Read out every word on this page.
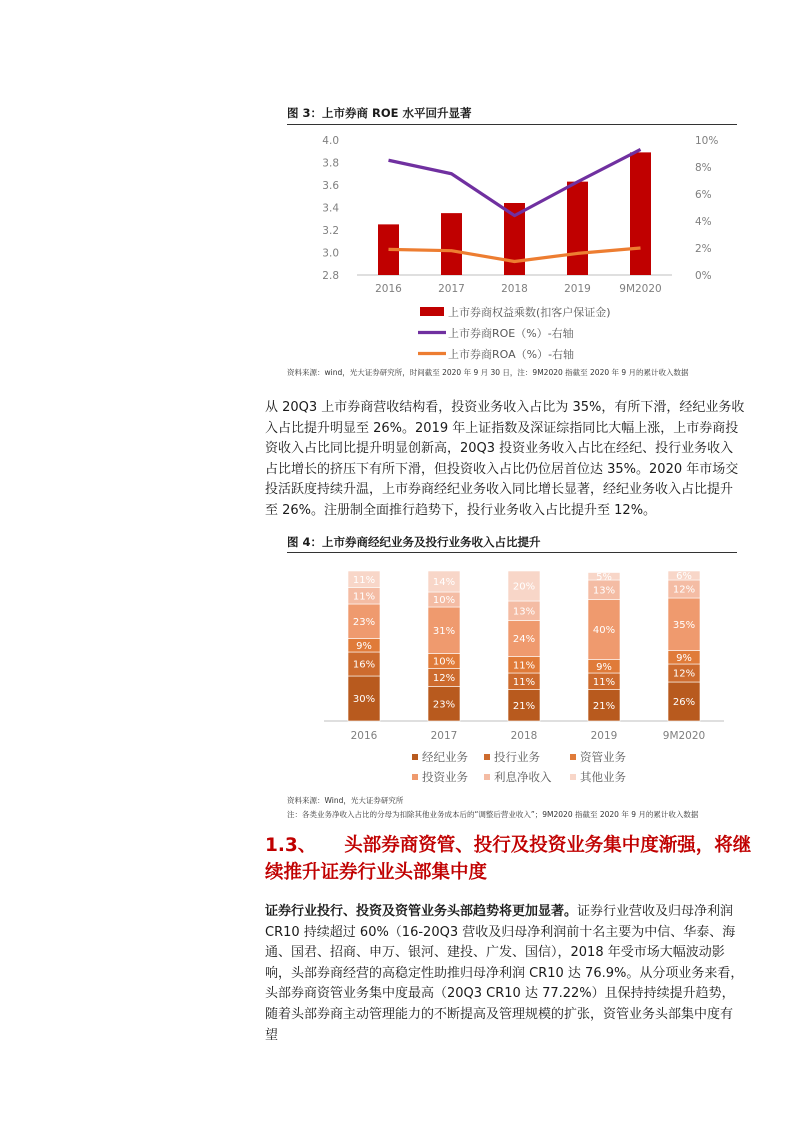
图 3：上市券商 ROE 水平回升显著
2.8
3.0
3.2
3.4
3.6
3.8
4.0
0%
2%
4%
6%
8%
10%
2016	2017	2018	2019	9M2020
上市券商权益乘数(扣客户保证金)
上市券商ROE（%）-右轴
上市券商ROA（%）-右轴
资料来源：wind，光大证券研究所，时间截至 2020 年 9 月 30 日，注：9M2020 指截至 2020 年 9 月的累计收入数据

从 20Q3 上市券商营收结构看，投资业务收入占比为 35%，有所下滑，经纪业务收入占比提升明显至 26%。2019 年上证指数及深证综指同比大幅上涨，上市券商投资收入占比同比提升明显创新高，20Q3 投资业务收入占比在经纪、投行业务收入占比增长的挤压下有所下滑，但投资收入占比仍位居首位达 35%。2020 年市场交投活跃度持续升温，上市券商经纪业务收入同比增长显著，经纪业务收入占比提升至 26%。注册制全面推行趋势下，投行业务收入占比提升至 12%。

图 4：上市券商经纪业务及投行业务收入占比提升
30%
16%
9%
23%
11%
11%
2016
23%
12%
10%
31%
10%
14%
2017
21%
11%
11%
24%
13%
20%
2018
21%
11%
9%
40%
13%
5%
2019
26%
12%
9%
35%
12%
6%
9M2020
经纪业务 投行业务	资管业务
投资业务 利息净收入 其他业务
资料来源：Wind，光大证券研究所
注：各类业务净收入占比的分母为扣除其他业务成本后的“调整后营业收入”；9M2020 指截至 2020 年 9 月的累计收入数据
1.3、 头部券商资管、投行及投资业务集中度渐强，将继续推升证券行业头部集中度

证券行业投行、投资及资管业务头部趋势将更加显著。证券行业营收及归母净利润 CR10 持续超过 60%（16-20Q3 营收及归母净利润前十名主要为中信、华泰、海通、国君、招商、申万、银河、建投、广发、国信），2018 年受市场大幅波动影响，头部券商经营的高稳定性助推归母净利润 CR10 达 76.9%。从分项业务来看，头部券商资管业务集中度最高（20Q3 CR10 达 77.22%）且保持持续提升趋势，随着头部券商主动管理能力的不断提高及管理规模的扩张，资管业务头部集中度有望
